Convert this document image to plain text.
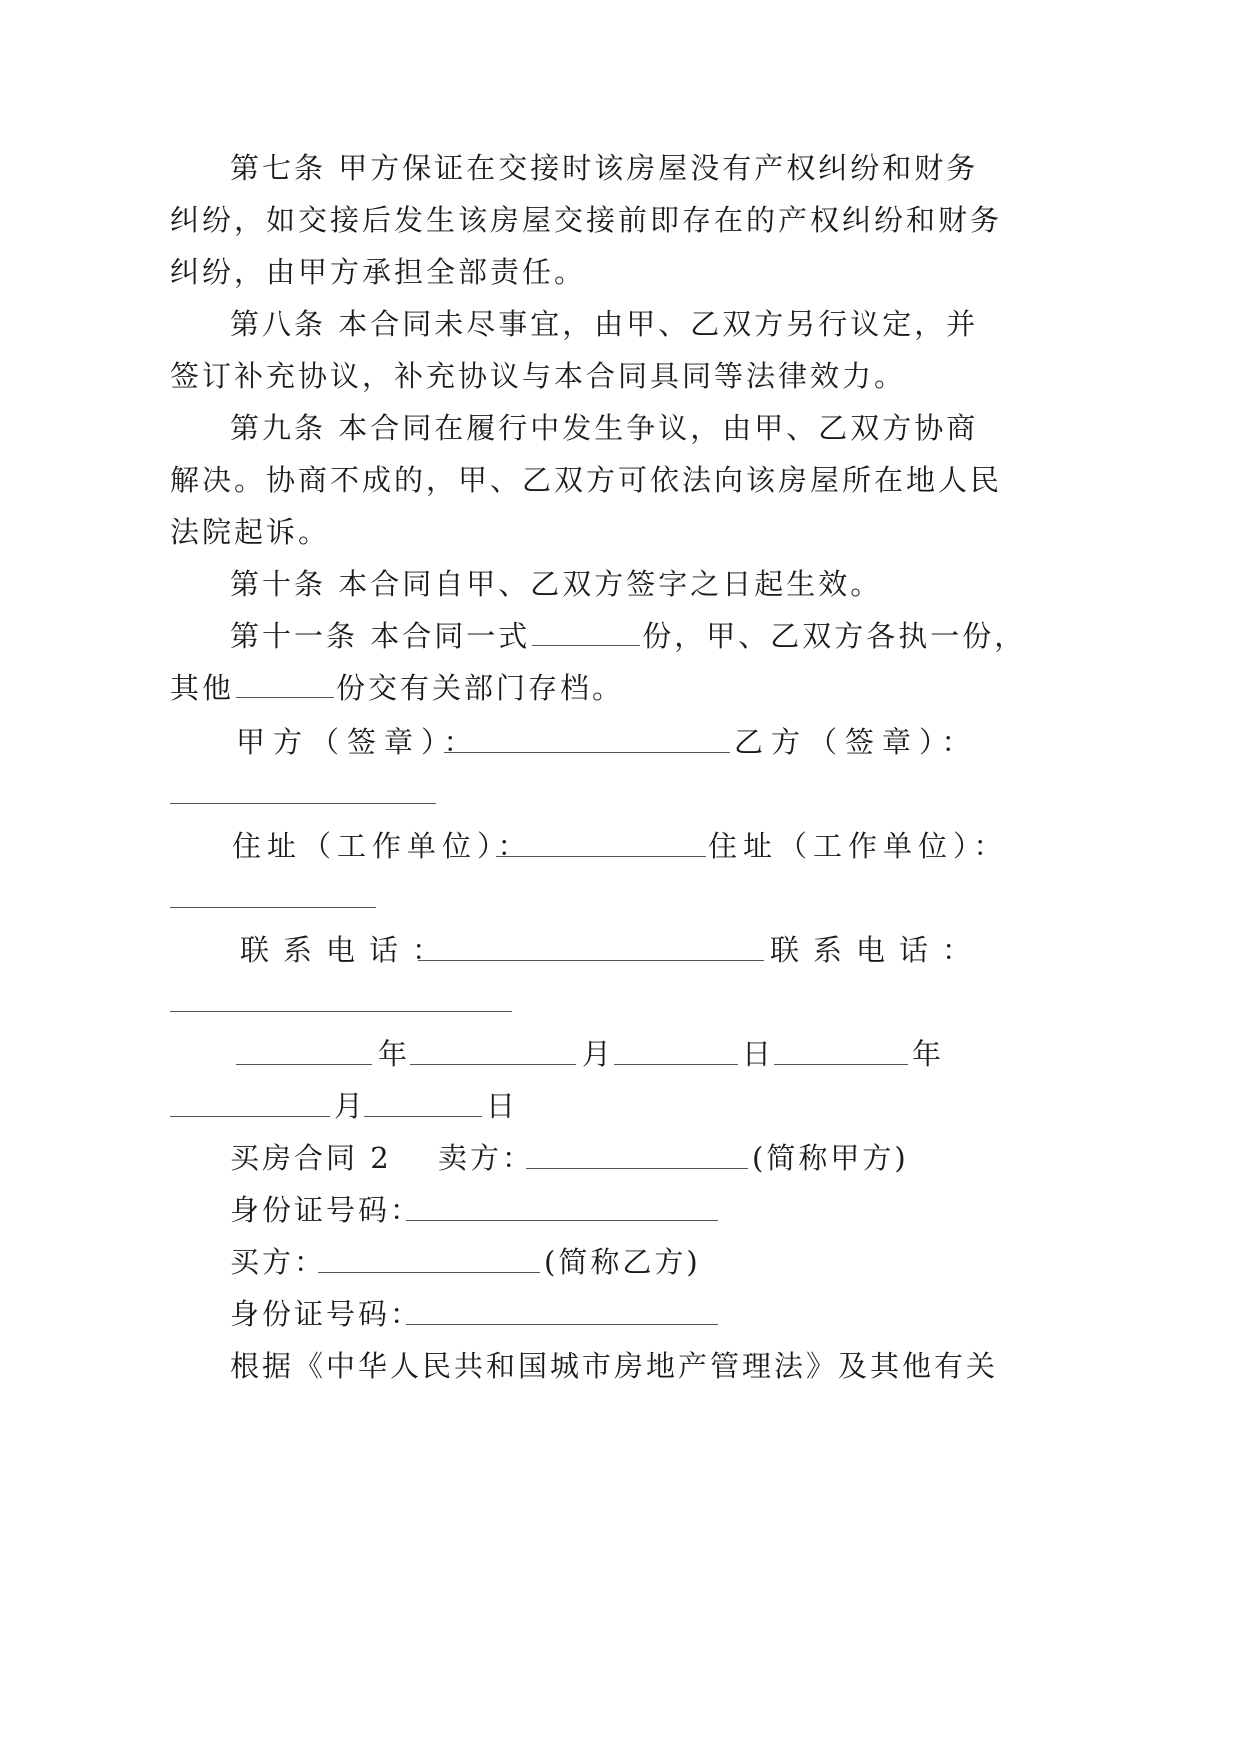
第七条 甲方保证在交接时该房屋没有产权纠纷和财务
纠纷，如交接后发生该房屋交接前即存在的产权纠纷和财务
纠纷，由甲方承担全部责任。
第八条 本合同未尽事宜，由甲、乙双方另行议定，并
签订补充协议，补充协议与本合同具同等法律效力。
第九条 本合同在履行中发生争议，由甲、乙双方协商
解决。协商不成的，甲、乙双方可依法向该房屋所在地人民
法院起诉。
第十条 本合同自甲、乙双方签字之日起生效。
第十一条 本合同一式	份，甲、乙双方各执一份，
其他	份交有关部门存档。
甲方（签章）：	乙方（签章）：
住址（工作单位）：	住址（工作单位）：
联系电话：	联系电话：
年	月	日	年
月	日
买房合同 2 卖方：	(简称甲方)
身份证号码：
买方：	(简称乙方)
身份证号码：
根据《中华人民共和国城市房地产管理法》及其他有关
